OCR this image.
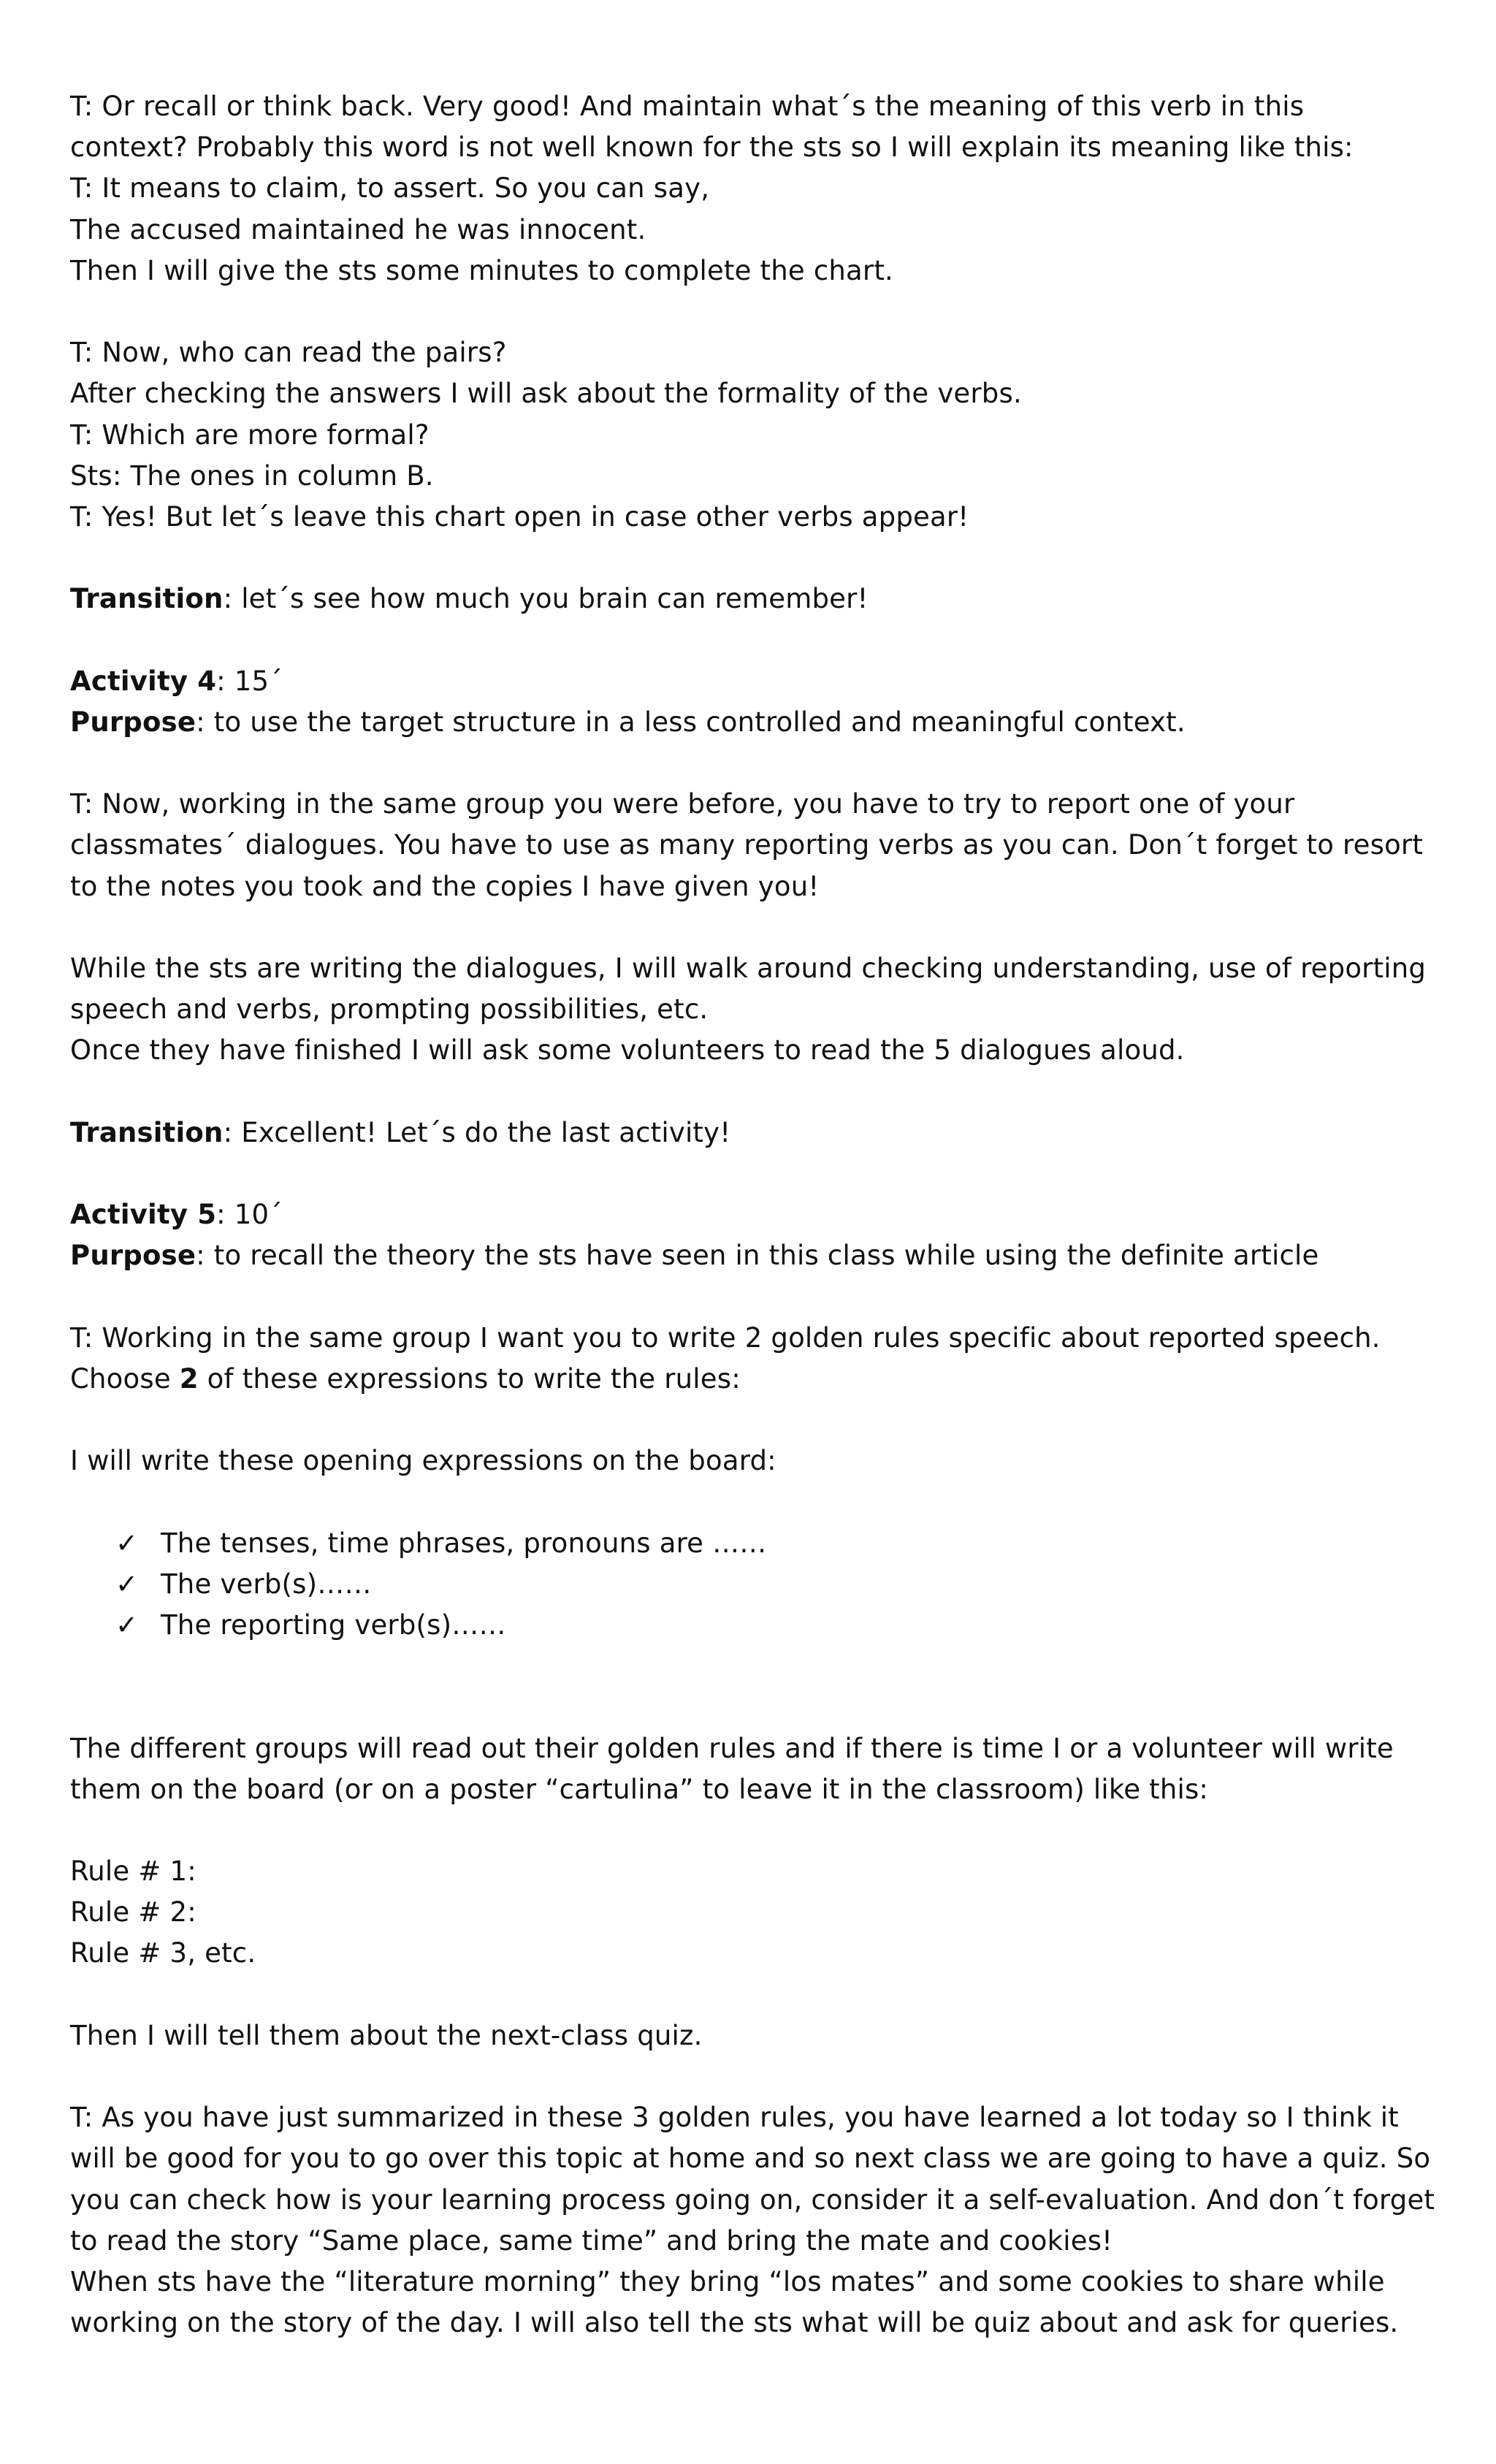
T: Or recall or think back. Very good! And maintain what´s the meaning of this verb in this
context? Probably this word is not well known for the sts so I will explain its meaning like this:
T: It means to claim, to assert. So you can say,
The accused maintained he was innocent.
Then I will give the sts some minutes to complete the chart.
T: Now, who can read the pairs?
After checking the answers I will ask about the formality of the verbs.
T: Which are more formal?
Sts: The ones in column B.
T: Yes! But let´s leave this chart open in case other verbs appear!
Transition: let´s see how much you brain can remember!
Activity 4: 15´
Purpose: to use the target structure in a less controlled and meaningful context.
T: Now, working in the same group you were before, you have to try to report one of your
classmates´ dialogues. You have to use as many reporting verbs as you can. Don´t forget to resort
to the notes you took and the copies I have given you!
While the sts are writing the dialogues, I will walk around checking understanding, use of reporting
speech and verbs, prompting possibilities, etc.
Once they have finished I will ask some volunteers to read the 5 dialogues aloud.
Transition: Excellent! Let´s do the last activity!
Activity 5: 10´
Purpose: to recall the theory the sts have seen in this class while using the definite article
T: Working in the same group I want you to write 2 golden rules specific about reported speech.
Choose 2 of these expressions to write the rules:
I will write these opening expressions on the board:
✓ The tenses, time phrases, pronouns are ……
✓ The verb(s)……
✓ The reporting verb(s)……
The different groups will read out their golden rules and if there is time I or a volunteer will write
them on the board (or on a poster “cartulina” to leave it in the classroom) like this:
Rule # 1:
Rule # 2:
Rule # 3, etc.
Then I will tell them about the next-class quiz.
T: As you have just summarized in these 3 golden rules, you have learned a lot today so I think it
will be good for you to go over this topic at home and so next class we are going to have a quiz. So
you can check how is your learning process going on, consider it a self-evaluation. And don´t forget
to read the story “Same place, same time” and bring the mate and cookies!
When sts have the “literature morning” they bring “los mates” and some cookies to share while
working on the story of the day. I will also tell the sts what will be quiz about and ask for queries.
